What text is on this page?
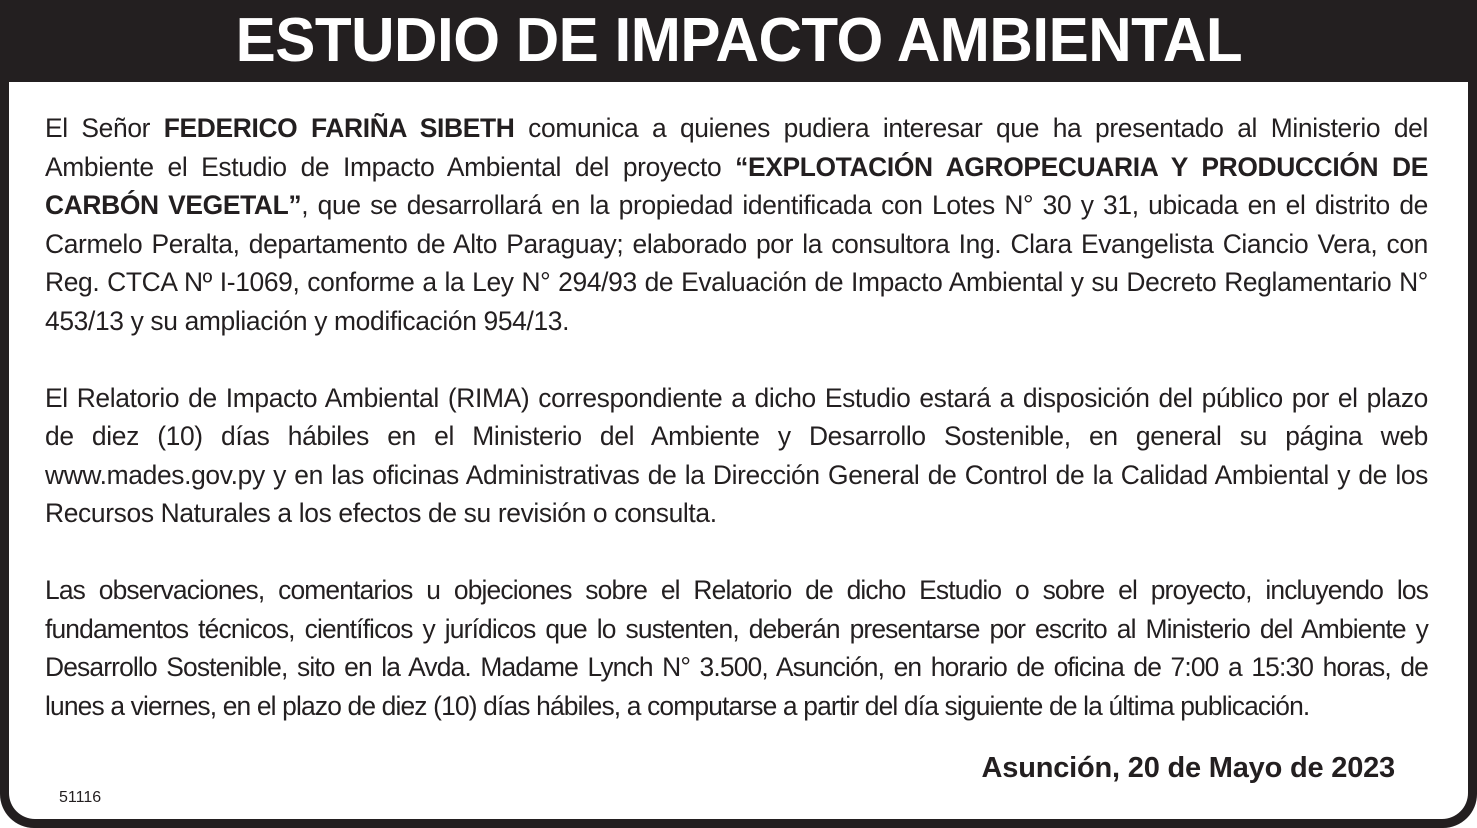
ESTUDIO DE IMPACTO AMBIENTAL

El Señor FEDERICO FARIÑA SIBETH comunica a quienes pudiera interesar que ha presentado al Ministerio del Ambiente el Estudio de Impacto Ambiental del proyecto “EXPLOTACIÓN AGROPECUARIA Y PRODUCCIÓN DE CARBÓN VEGETAL”, que se desarrollará en la propiedad identificada con Lotes N° 30 y 31, ubicada en el distrito de Carmelo Peralta, departamento de Alto Paraguay; elaborado por la consultora Ing. Clara Evangelista Ciancio Vera, con Reg. CTCA Nº I-1069, conforme a la Ley N° 294/93 de Evaluación de Impacto Ambiental y su Decreto Reglamentario N° 453/13 y su ampliación y modificación 954/13.

El Relatorio de Impacto Ambiental (RIMA) correspondiente a dicho Estudio estará a disposición del público por el plazo de diez (10) días hábiles en el Ministerio del Ambiente y Desarrollo Sostenible, en general su página web www.mades.gov.py y en las oficinas Administrativas de la Dirección General de Control de la Calidad Ambiental y de los Recursos Naturales a los efectos de su revisión o consulta.

Las observaciones, comentarios u objeciones sobre el Relatorio de dicho Estudio o sobre el proyecto, incluyendo los fundamentos técnicos, científicos y jurídicos que lo sustenten, deberán presentarse por escrito al Ministerio del Ambiente y Desarrollo Sostenible, sito en la Avda. Madame Lynch N° 3.500, Asunción, en horario de oficina de 7:00 a 15:30 horas, de lunes a viernes, en el plazo de diez (10) días hábiles, a computarse a partir del día siguiente de la última publicación.

Asunción, 20 de Mayo de 2023
51116
